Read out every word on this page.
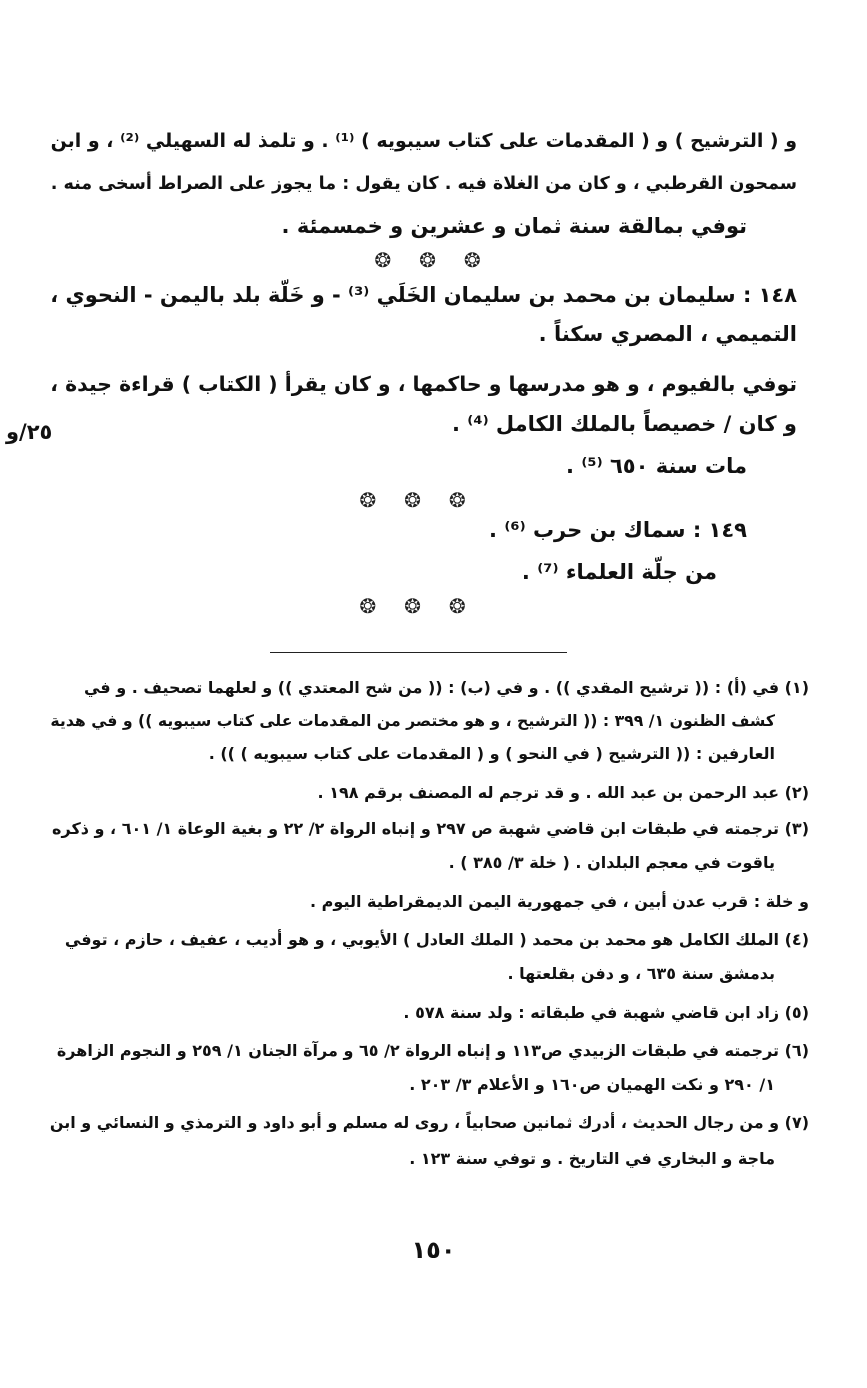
و ( الترشيح ) و ( المقدمات على كتاب سيبويه ) ⁽¹⁾ . و تلمذ له السهيلي ⁽²⁾ ، و ابن
سمحون القرطبي ، و كان من الغلاة فيه . كان يقول : ما يجوز على الصراط أسخى منه .
توفي بمالقة سنة ثمان و عشرين و خمسمئة .
❂ ❂ ❂
١٤٨ : سليمان بن محمد بن سليمان الخَلَي ⁽³⁾ - و خَلّة بلد باليمن - النحوي ،
التميمي ، المصري سكناً .
توفي بالفيوم ، و هو مدرسها و حاكمها ، و كان يقرأ ( الكتاب ) قراءة جيدة ،
و كان / خصيصاً بالملك الكامل ⁽⁴⁾ .
مات سنة ٦٥٠ ⁽⁵⁾ .
٢٥/و
❂ ❂ ❂
١٤٩ : سماك بن حرب ⁽⁶⁾ .
من جلّة العلماء ⁽⁷⁾ .
❂ ❂ ❂
(١) في (أ) : (( ترشيح المقدي )) . و في (ب) : (( من شح المعتدي )) و لعلهما تصحيف . و في
كشف الظنون ١/ ٣٩٩ : (( الترشيح ، و هو مختصر من المقدمات على كتاب سيبويه )) و في هدية
العارفين : (( الترشيح ( في النحو ) و ( المقدمات على كتاب سيبويه ) )) .
(٢) عبد الرحمن بن عبد الله . و قد ترجم له المصنف برقم ١٩٨ .
(٣) ترجمته في طبقات ابن قاضي شهبة ص ٢٩٧ و إنباه الرواة ٢/ ٢٢ و بغية الوعاة ١/ ٦٠١ ، و ذكره
ياقوت في معجم البلدان . ( خلة ٣/ ٣٨٥ ) .
و خلة : قرب عدن أبين ، في جمهورية اليمن الديمقراطية اليوم .
(٤) الملك الكامل هو محمد بن محمد ( الملك العادل ) الأيوبي ، و هو أديب ، عفيف ، حازم ، توفي
بدمشق سنة ٦٣٥ ، و دفن بقلعتها .
(٥) زاد ابن قاضي شهبة في طبقاته : ولد سنة ٥٧٨ .
(٦) ترجمته في طبقات الزبيدي ص١١٣ و إنباه الرواة ٢/ ٦٥ و مرآة الجنان ١/ ٢٥٩ و النجوم الزاهرة
١/ ٢٩٠ و نكت الهميان ص١٦٠ و الأعلام ٣/ ٢٠٣ .
(٧) و من رجال الحديث ، أدرك ثمانين صحابياً ، روى له مسلم و أبو داود و الترمذي و النسائي و ابن
ماجة و البخاري في التاريخ . و توفي سنة ١٢٣ .
١٥٠
